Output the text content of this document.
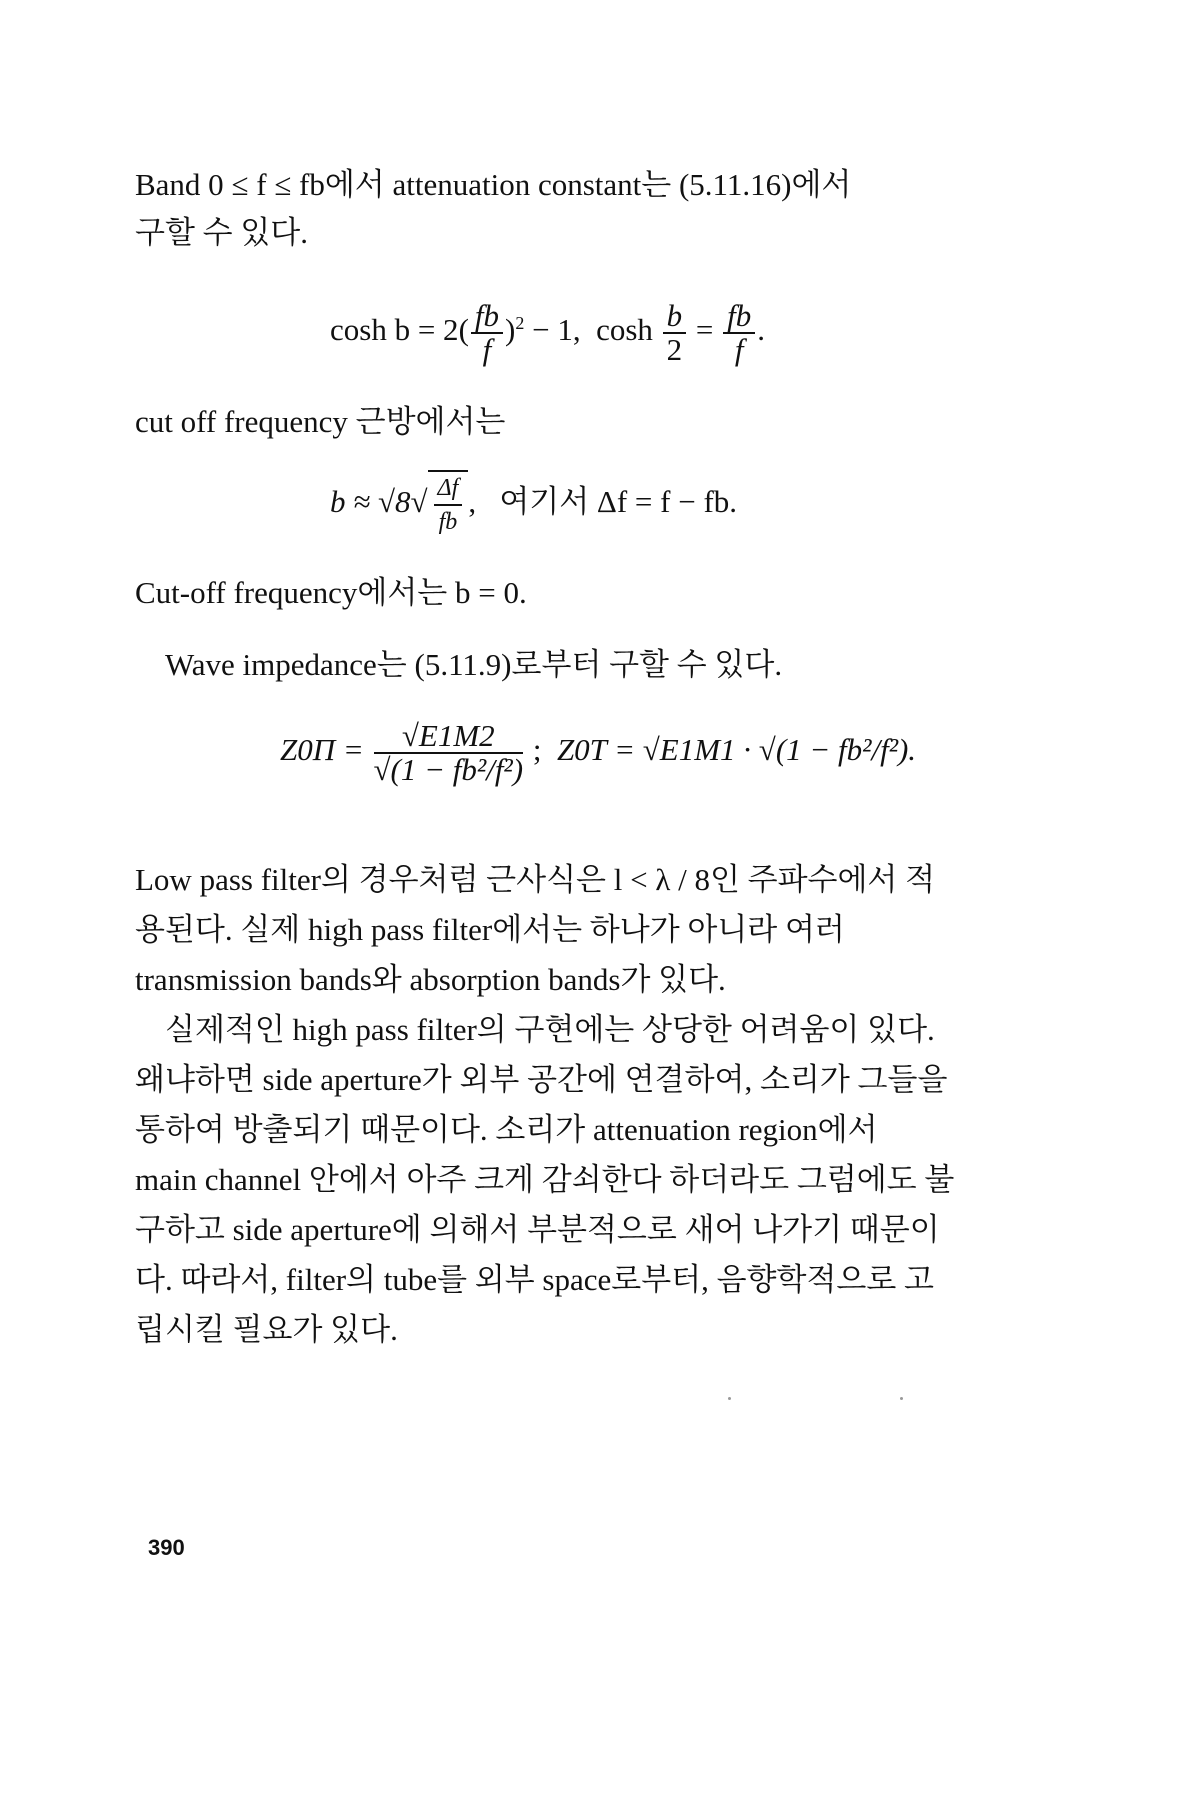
Band 0 ≤ f ≤ fb에서 attenuation constant는 (5.11.16)에서
구할 수 있다.
$\cosh b = 2( \frac{fb}{f} )^2 - 1$, $\cosh \frac{b}{2} = \frac{fb}{f}$ .
cut off frequency 근방에서는
$b \approx √8√ \frac{\Delta f}{fb}$ ,   여기서 Δf = f − fb.
Cut-off frequency에서는 b = 0.
Wave impedance는 (5.11.9)로부터 구할 수 있다.
$Z0\Pi = \frac{√E1M2}{\text{√(1 − fb²/f²)}}$ ; Z0T = √E1M1 · √(1 − fb²/f²).
Low pass filter의 경우처럼 근사식은 l < λ / 8인 주파수에서 적
용된다. 실제 high pass filter에서는 하나가 아니라 여러
transmission bands와 absorption bands가 있다.
실제적인 high pass filter의 구현에는 상당한 어려움이 있다.
왜냐하면 side aperture가 외부 공간에 연결하여, 소리가 그들을
통하여 방출되기 때문이다. 소리가 attenuation region에서
main channel 안에서 아주 크게 감쇠한다 하더라도 그럼에도 불
구하고 side aperture에 의해서 부분적으로 새어 나가기 때문이
다. 따라서, filter의 tube를 외부 space로부터, 음향학적으로 고
립시킬 필요가 있다.
390
